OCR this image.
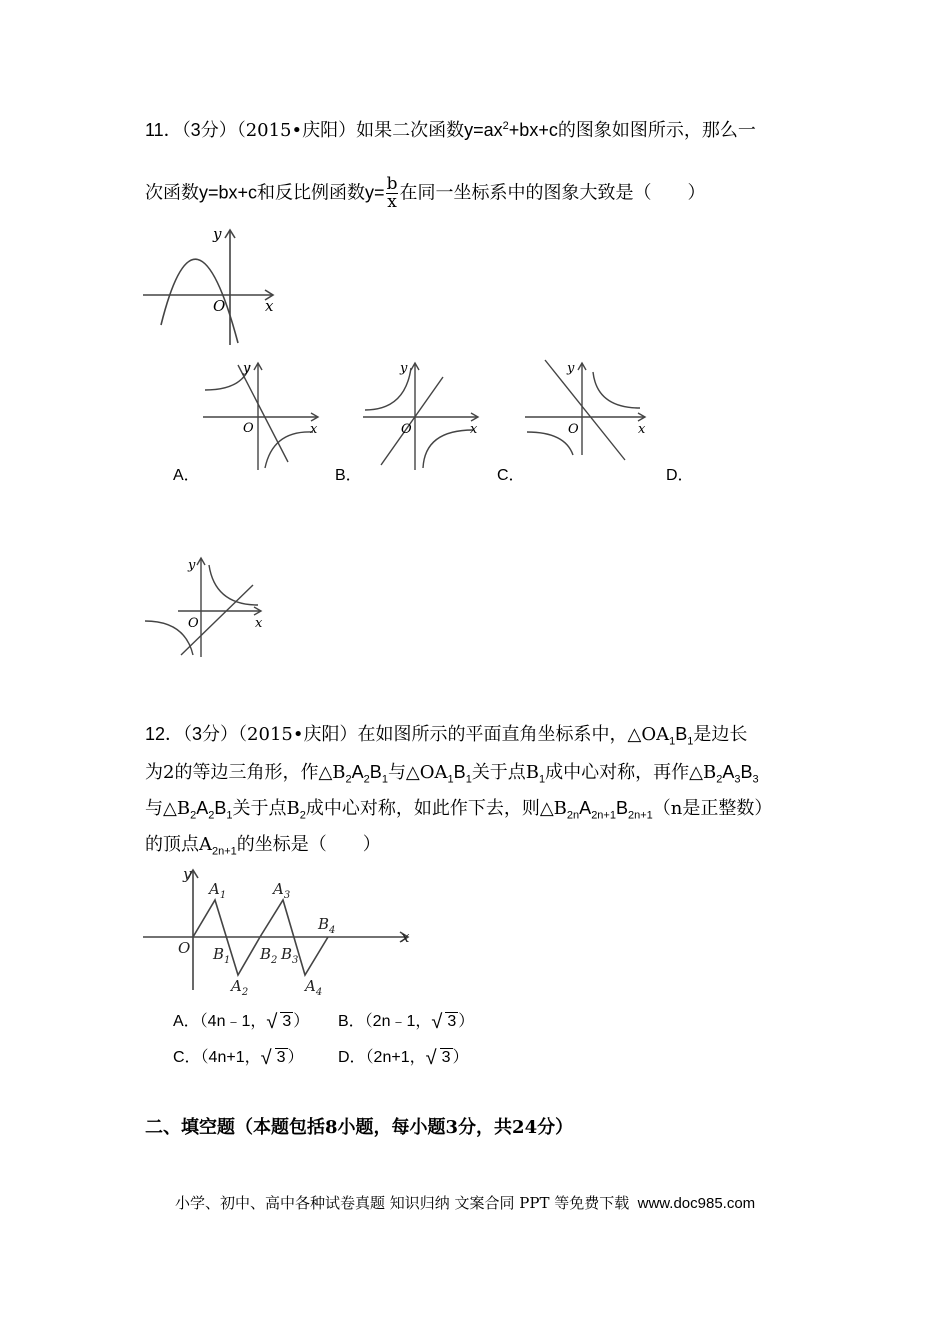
11．（3分）（2015•庆阳）如果二次函数$y=ax^2+bx+c$的图象如图所示，那么一
次函数y=bx+c和反比例函数$y= \frac{b}{x}$ 在同一坐标系中的图象大致是（　　）
O	x
y
O	x
y
A．
O	x
y
B．
O	x
y
C．	D．
O	x
y
12．（3分）（2015•庆阳）在如图所示的平面直角坐标系中，$\triangle OA_1B_1$是边长
为2的等边三角形，作$\triangle B_2A_2B_1$与$\triangle OA_1B_1$关于点$B_1$成中心对称，再作$\triangle B_2A_3B_3$
与$\triangle B_2A_2B_1$关于点$B_2$成中心对称，如此作下去，则$\triangle B_{2n}A_{2n+1}B_{2n+1}(n$是正整数）
的顶点$A_{2n+1}$的坐标是（　　）
O
y
x
$A_1$
$A_2$
$A_3$
$A_4$
$B_1$ $B_2$ $B_3$
$B_4$
A．（4n﹣1， √ 3 ） B．（2n﹣1， √ 3 ）
C．（4n+1， √ 3 ） D．（2n+1， √ 3 ）
二、填空题（本题包括8小题，每小题3分，共24分）
小学、初中、高中各种试卷真题 知识归纳 文案合同 PPT 等免费下载 www.doc985.com
